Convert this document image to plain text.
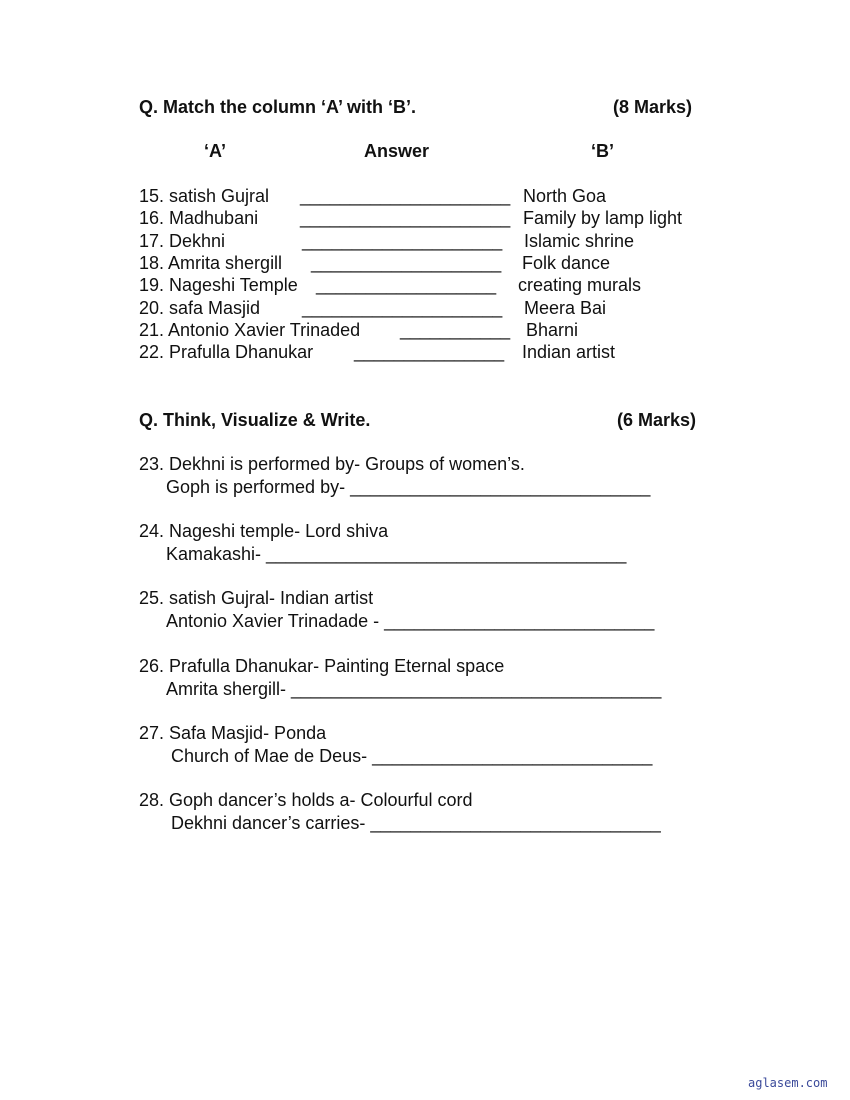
Q. Match the column ‘A’ with ‘B’.	(8 Marks)
‘A’	Answer	‘B’
15. satish Gujral _____________________ North Goa
16. Madhubani _____________________ Family by lamp light
17. Dekhni	____________________ Islamic shrine
18. Amrita shergill ___________________ Folk dance
19. Nageshi Temple __________________ creating murals
20. safa Masjid ____________________ Meera Bai
21. Antonio Xavier Trinaded ___________ Bharni
22. Prafulla Dhanukar _______________ Indian artist
Q. Think, Visualize & Write.	(6 Marks)
23. Dekhni is performed by- Groups of women’s.
Goph is performed by- ______________________________
24. Nageshi temple- Lord shiva
Kamakashi- ____________________________________
25. satish Gujral- Indian artist
Antonio Xavier Trinadade - ___________________________
26. Prafulla Dhanukar- Painting Eternal space
Amrita shergill- _____________________________________
27. Safa Masjid- Ponda
Church of Mae de Deus- ____________________________
28. Goph dancer’s holds a- Colourful cord
Dekhni dancer’s carries- _____________________________
aglasem.com
